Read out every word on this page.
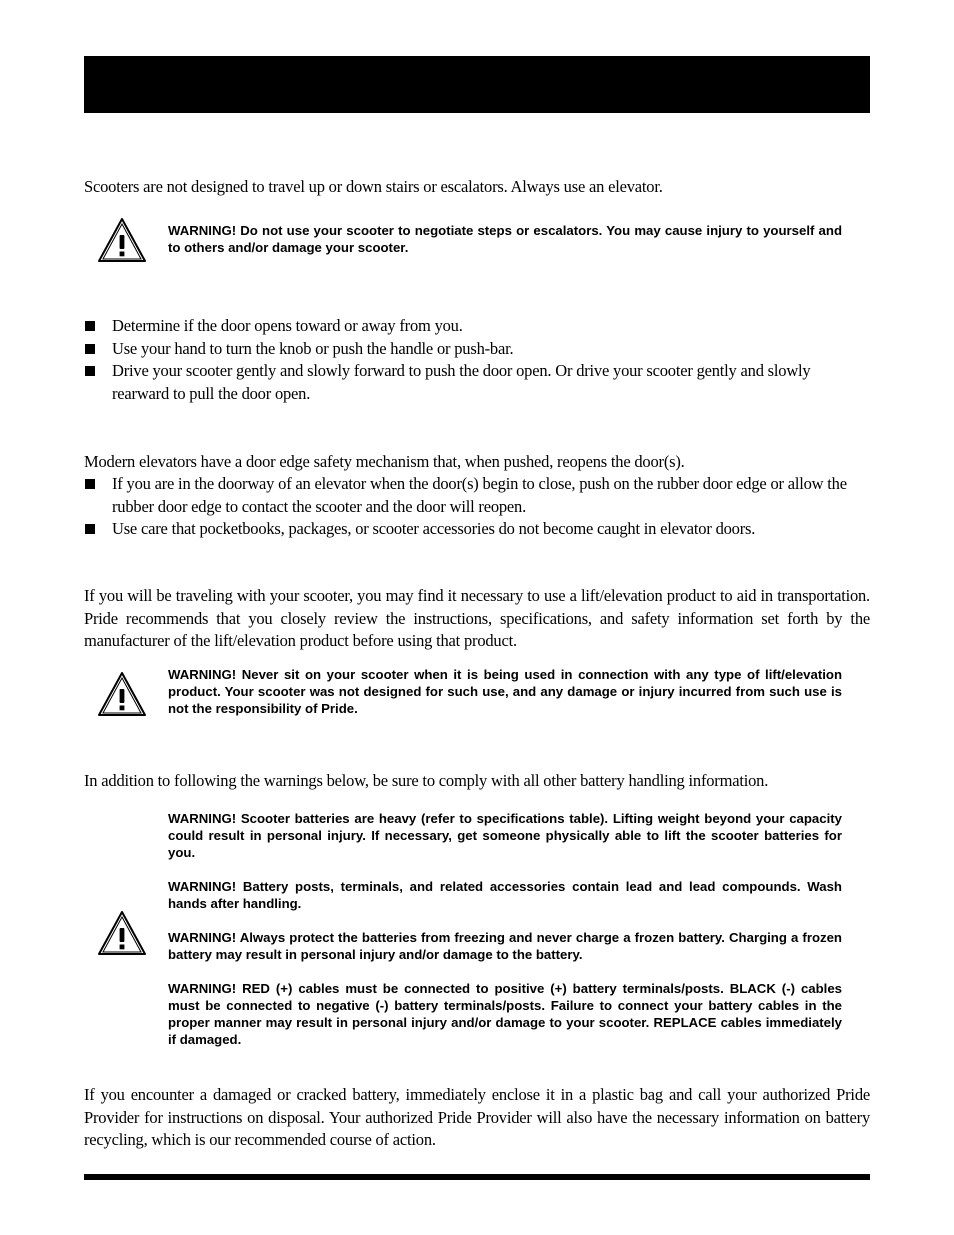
Scooters are not designed to travel up or down stairs or escalators. Always use an elevator.

WARNING! Do not use your scooter to negotiate steps or escalators. You may cause injury to yourself and to others and/or damage your scooter.

Determine if the door opens toward or away from you.
Use your hand to turn the knob or push the handle or push-bar.
Drive your scooter gently and slowly forward to push the door open. Or drive your scooter gently and slowly rearward to pull the door open.
Modern elevators have a door edge safety mechanism that, when pushed, reopens the door(s).
If you are in the doorway of an elevator when the door(s) begin to close, push on the rubber door edge or allow the rubber door edge to contact the scooter and the door will reopen.
Use care that pocketbooks, packages, or scooter accessories do not become caught in elevator doors.
If you will be traveling with your scooter, you may find it necessary to use a lift/elevation product to aid in transportation. Pride recommends that you closely review the instructions, specifications, and safety information set forth by the manufacturer of the lift/elevation product before using that product.

WARNING! Never sit on your scooter when it is being used in connection with any type of lift/elevation product. Your scooter was not designed for such use, and any damage or injury incurred from such use is not the responsibility of Pride.

In addition to following the warnings below, be sure to comply with all other battery handling information.

WARNING! Scooter batteries are heavy (refer to specifications table). Lifting weight beyond your capacity could result in personal injury. If necessary, get someone physically able to lift the scooter batteries for you.

WARNING! Battery posts, terminals, and related accessories contain lead and lead compounds. Wash hands after handling.

WARNING! Always protect the batteries from freezing and never charge a frozen battery. Charging a frozen battery may result in personal injury and/or damage to the battery.

WARNING! RED (+) cables must be connected to positive (+) battery terminals/posts. BLACK (-) cables must be connected to negative (-) battery terminals/posts. Failure to connect your battery cables in the proper manner may result in personal injury and/or damage to your scooter. REPLACE cables immediately if damaged.

If you encounter a damaged or cracked battery, immediately enclose it in a plastic bag and call your authorized Pride Provider for instructions on disposal. Your authorized Pride Provider will also have the necessary information on battery recycling, which is our recommended course of action.
